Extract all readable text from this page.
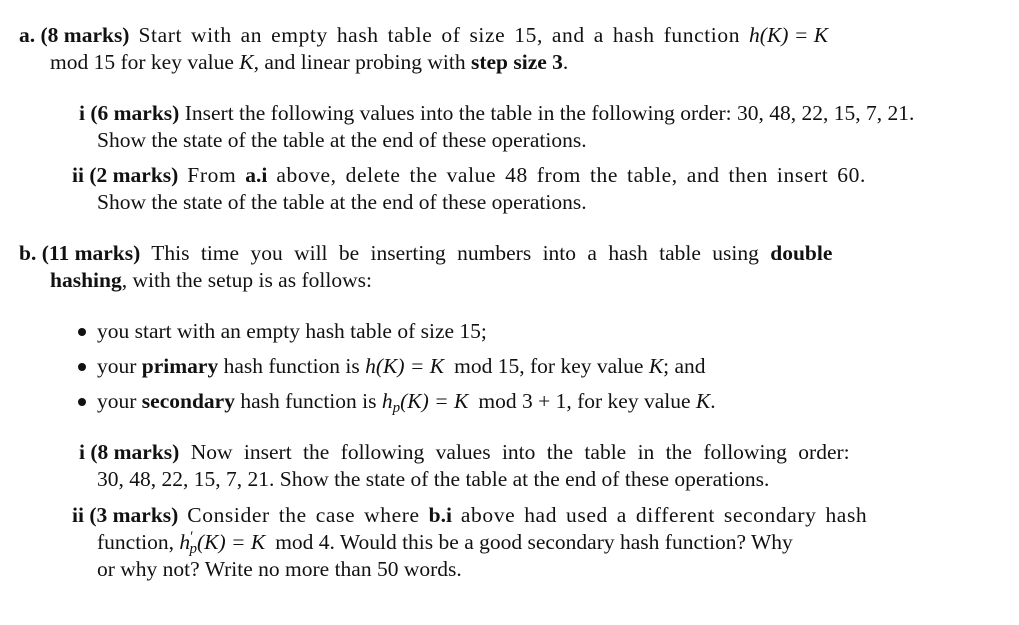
a. (8 marks) Start with an empty hash table of size 15, and a hash function h(K) = K
mod 15 for key value K, and linear probing with step size 3.
i (6 marks) Insert the following values into the table in the following order: 30, 48, 22, 15, 7, 21.
Show the state of the table at the end of these operations.
ii (2 marks) From a.i above, delete the value 48 from the table, and then insert 60.
Show the state of the table at the end of these operations.
b. (11 marks) This time you will be inserting numbers into a hash table using double
hashing, with the setup is as follows:
you start with an empty hash table of size 15;
your primary hash function is h(K) = K mod 15, for key value K; and
your secondary hash function is $h_p(K) = K$ mod 3 + 1, for key value K.
i (8 marks) Now insert the following values into the table in the following order:
30, 48, 22, 15, 7, 21. Show the state of the table at the end of these operations.
ii (3 marks) Consider the case where b.i above had used a different secondary hash
function, $h'_p(K) = K$ mod 4. Would this be a good secondary hash function? Why
or why not? Write no more than 50 words.
